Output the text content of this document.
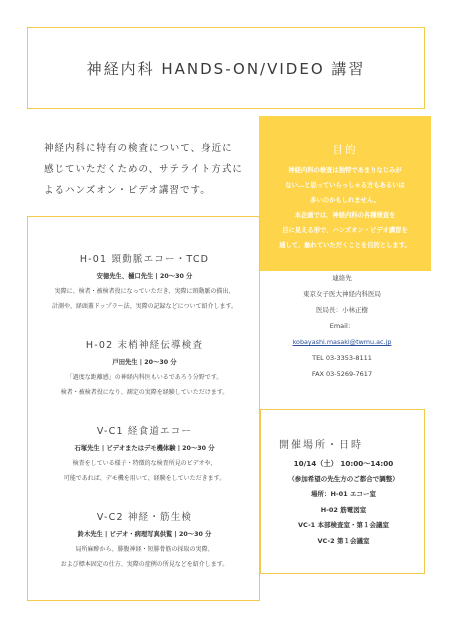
神経内科 HANDS-ON/VIDEO 講習
神経内科に特有の検査について、身近に
感じていただくための、サテライト方式に
よるハンズオン・ビデオ講習です。
目的
神経内科の検査は独特であまりなじみが
ない…と思っていらっしゃる方もあるいは
多いのかもしれません。
本企画では、神経内科の各種検査を
目に見える形で、ハンズオン・ビデオ講習を
通して、触れていただくことを目的とします。
H-01 頸動脈エコー・TCD
安徳先生、樋口先生 | 20〜30 分
実際に、検者・被検者役になっていただき、実際に頸動脈の描出、
計測や、経頭蓋ドップラー法、実際の記録などについて紹介します。
H-02 末梢神経伝導検査
戸田先生 | 20〜30 分
「過度な距離感」の神経内科医もいるであろう分野です。
検者・被検者役になり、測定の実際を経験していただけます。
V-C1 経食道エコー
石塚先生 | ビデオまたはデモ機体験 | 20〜30 分
検査をしている様子・特徴的な検査所見のビデオや、
可能であれば、デモ機を用いて、経験をしていただきます。
V-C2 神経・筋生検
鈴木先生 | ビデオ・病理写真供覧 | 20〜30 分
局所麻酔から、腓腹神経・短腓骨筋の採取の実際、
および標本固定の仕方、実際の症例の所見などを紹介します。
連絡先
東京女子医大神経内科医局
医局長：小林正樹
Email：
kobayashi.masaki@twmu.ac.jp
TEL 03-3353-8111
FAX 03-5269-7617
開催場所・日時
10/14（土） 10:00〜14:00
（参加希望の先生方のご都合で調整）
場所：H-01 エコー室
H-02 筋電図室
VC-1 本部検査室・第１会議室
VC-2 第１会議室
